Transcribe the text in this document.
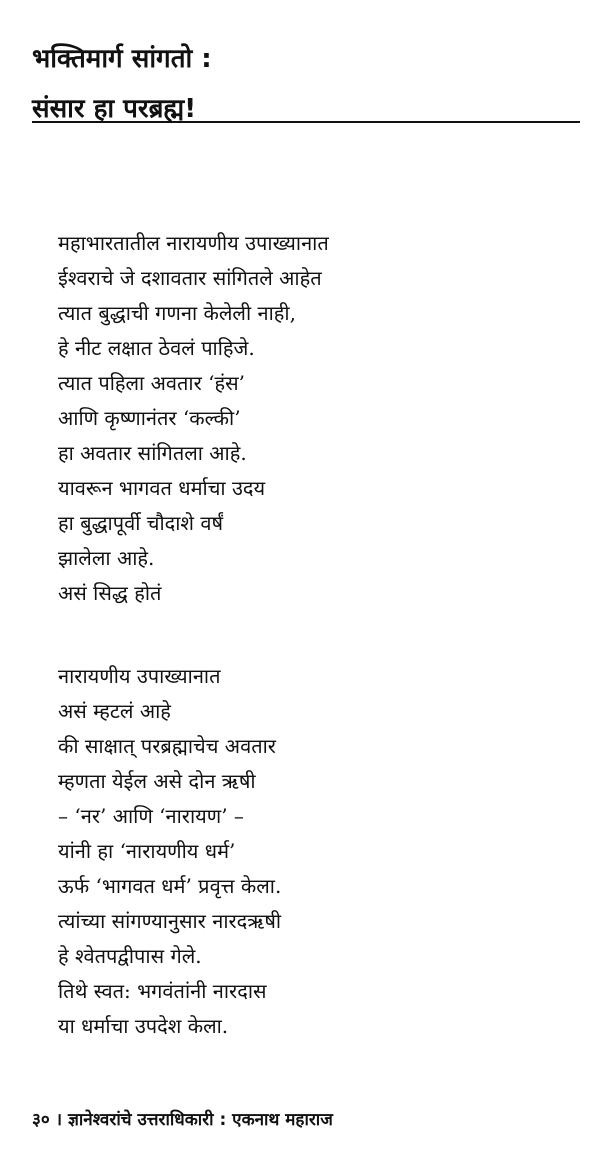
भक्तिमार्ग सांगतो :
संसार हा परब्रह्म!
महाभारतातील नारायणीय उपाख्यानात
ईश्वराचे जे दशावतार सांगितले आहेत
त्यात बुद्धाची गणना केलेली नाही,
हे नीट लक्षात ठेवलं पाहिजे.
त्यात पहिला अवतार ‘हंस’
आणि कृष्णानंतर ‘कल्की’
हा अवतार सांगितला आहे.
यावरून भागवत धर्माचा उदय
हा बुद्धापूर्वी चौदाशे वर्षं
झालेला आहे.
असं सिद्ध होतं
नारायणीय उपाख्यानात
असं म्हटलं आहे
की साक्षात् परब्रह्माचेच अवतार
म्हणता येईल असे दोन ऋषी
– ‘नर’ आणि ‘नारायण’ –
यांनी हा ‘नारायणीय धर्म’
ऊर्फ ‘भागवत धर्म’ प्रवृत्त केला.
त्यांच्या सांगण्यानुसार नारदऋषी
हे श्वेतपद्वीपास गेले.
तिथे स्वत: भगवंतांनी नारदास
या धर्माचा उपदेश केला.
३० । ज्ञानेश्वरांचे उत्तराधिकारी : एकनाथ महाराज
